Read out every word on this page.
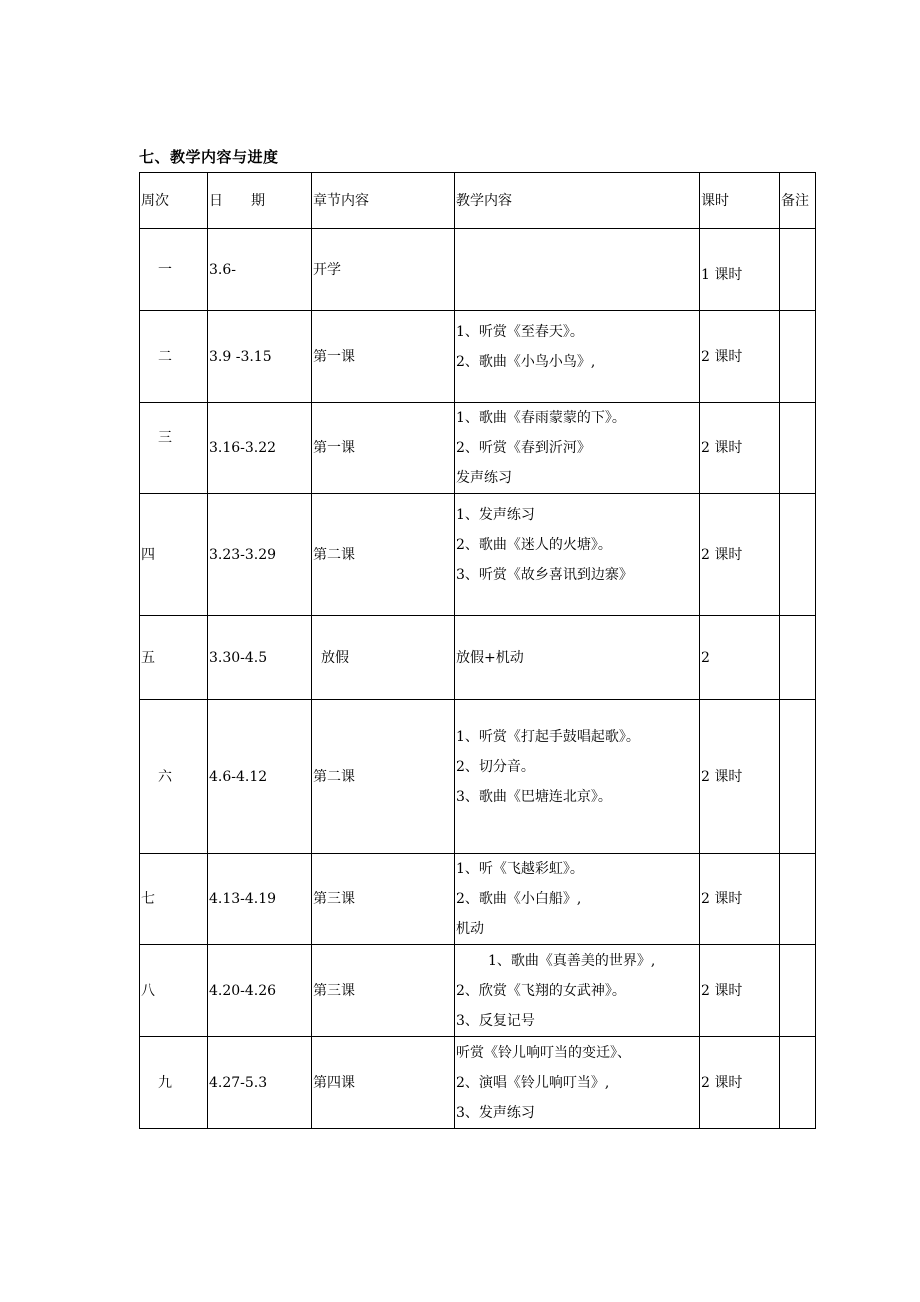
七、教学内容与进度
周次	日　　期	章节内容	教学内容	课时	备注
一	3.6-	开学		1 课时	

二	3.9 -3.15	第一课	1、听赏《至春天》。
2、歌曲《小鸟小鸟》,	2 课时	
三	3.16-3.22	第一课	1、歌曲《春雨蒙蒙的下》。
2、听赏《春到沂河》
发声练习	2 课时	
四	3.23-3.29	第二课	1、发声练习
2、歌曲《迷人的火塘》。
3、听赏《故乡喜讯到边寨》	2 课时	
五	3.30-4.5	放假	放假+机动	2	
六	4.6-4.12	第二课	1、听赏《打起手鼓唱起歌》。
2、切分音。
3、歌曲《巴塘连北京》。	2 课时	
七	4.13-4.19	第三课	1、听《飞越彩虹》。
2、歌曲《小白船》,
机动	2 课时	
八	4.20-4.26	第三课	1、歌曲《真善美的世界》,
2、欣赏《飞翔的女武神》。
3、反复记号	2 课时	
九	4.27-5.3	第四课	听赏《铃儿响叮当的变迁》、
2、演唱《铃儿响叮当》,
3、发声练习	2 课时	
